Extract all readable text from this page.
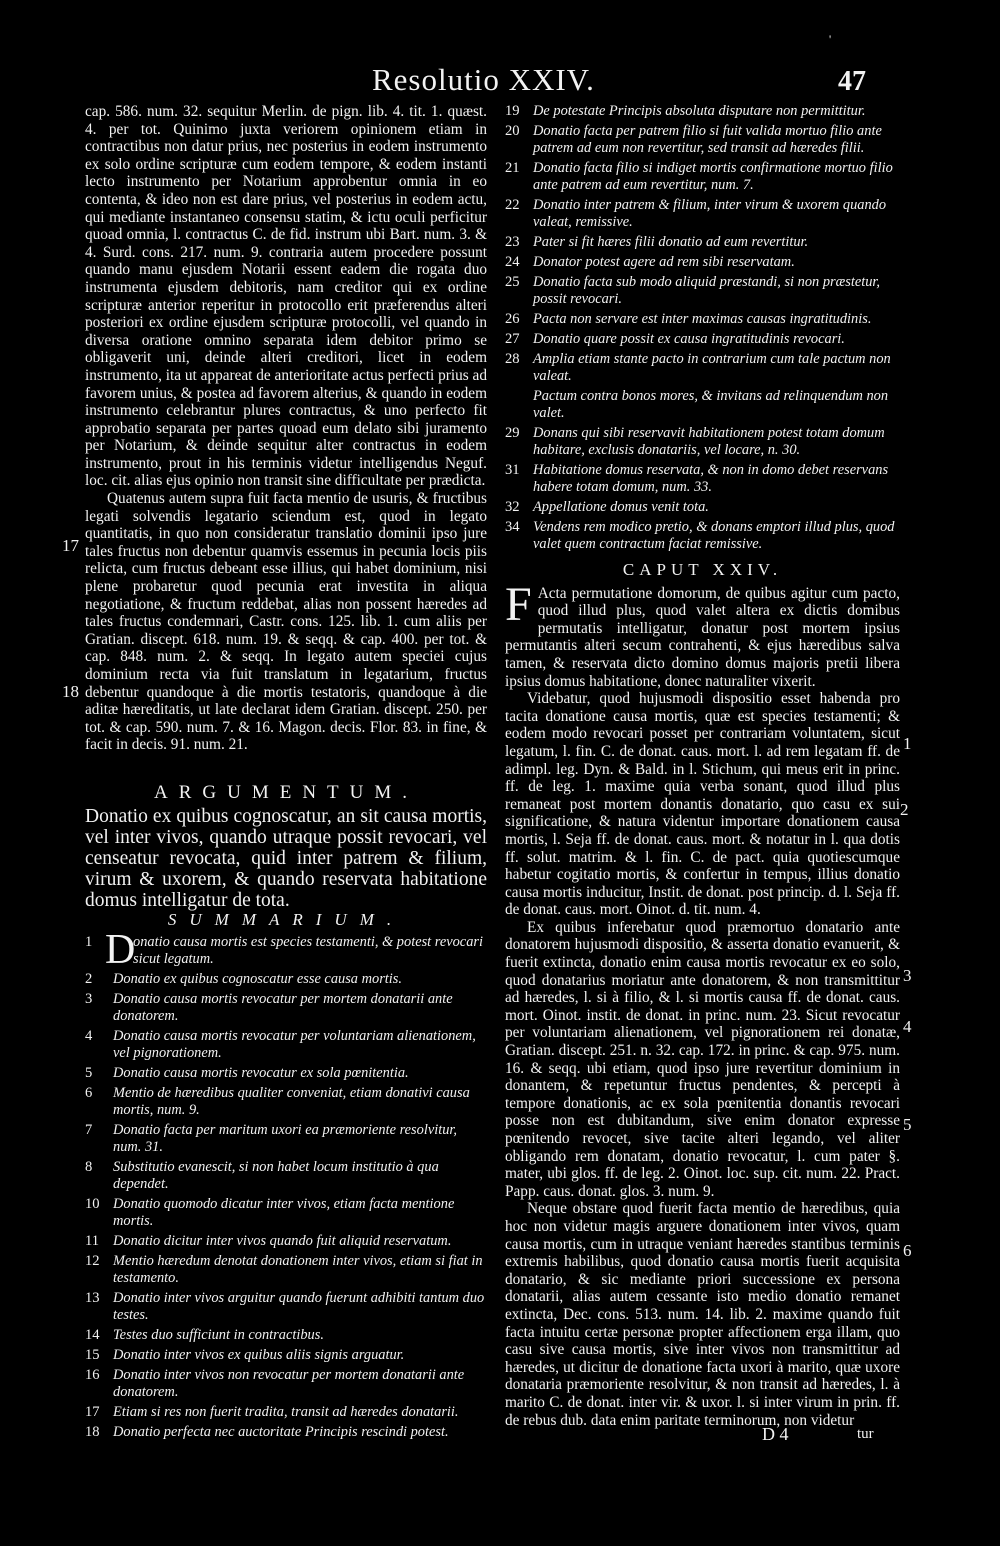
Resolutio XXIV.	47
'

cap. 586. num. 32. sequitur Merlin. de pign. lib. 4. tit. 1. quæst. 4. per tot. Quinimo juxta veriorem opinionem etiam in contractibus non datur prius, nec posterius in eodem instrumento ex solo ordine scripturæ cum eodem tempore, & eodem instanti lecto instrumento per Notarium approbentur omnia in eo contenta, & ideo non est dare prius, vel posterius in eodem actu, qui mediante instantaneo consensu statim, & ictu oculi perficitur quoad omnia, l. contractus C. de fid. instrum ubi Bart. num. 3. & 4. Surd. cons. 217. num. 9. contraria autem procedere possunt quando manu ejusdem Notarii essent eadem die rogata duo instrumenta ejusdem debitoris, nam creditor qui ex ordine scripturæ anterior reperitur in protocollo erit præferendus alteri posteriori ex ordine ejusdem scripturæ protocolli, vel quando in diversa oratione omnino separata idem debitor primo se obligaverit uni, deinde alteri creditori, licet in eodem instrumento, ita ut appareat de anterioritate actus perfecti prius ad favorem unius, & postea ad favorem alterius, & quando in eodem instrumento celebrantur plures contractus, & uno perfecto fit approbatio separata per partes quoad eum delato sibi juramento per Notarium, & deinde sequitur alter contractus in eodem instrumento, prout in his terminis videtur intelligendus Neguf. loc. cit. alias ejus opinio non transit sine difficultate per prædicta.

Quatenus autem supra fuit facta mentio de usuris, & fructibus legati solvendis legatario sciendum est, quod in legato quantitatis, in quo non consideratur translatio dominii ipso jure tales fructus non debentur quamvis essemus in pecunia locis piis relicta, cum fructus debeant esse illius, qui habet dominium, nisi plene probaretur quod pecunia erat investita in aliqua negotiatione, & fructum reddebat, alias non possent hæredes ad tales fructus condemnari, Castr. cons. 125. lib. 1. cum aliis per Gratian. discept. 618. num. 19. & seqq. & cap. 400. per tot. & cap. 848. num. 2. & seqq. In legato autem speciei cujus dominium recta via fuit translatum in legatarium, fructus debentur quandoque à die mortis testatoris, quandoque à die aditæ hæreditatis, ut late declarat idem Gratian. discept. 250. per tot. & cap. 590. num. 7. & 16. Magon. decis. Flor. 83. in fine, & facit in decis. 91. num. 21.

ARGUMENTUM.

Donatio ex quibus cognoscatur, an sit causa mortis, vel inter vivos, quando utraque possit revocari, vel censeatur revocata, quid inter patrem & filium, virum & uxorem, & quando reservata habitatione domus intelligatur de tota.

SUMMARIUM.
1 D
onatio causa mortis est species testamenti, & potest revocari sicut legatum.
2 Donatio ex quibus cognoscatur esse causa mortis.
3 Donatio causa mortis revocatur per mortem donatarii ante donatorem.
4 Donatio causa mortis revocatur per voluntariam alienationem, vel pignorationem.
5 Donatio causa mortis revocatur ex sola pœnitentia.
6 Mentio de hæredibus qualiter conveniat, etiam donativi causa mortis, num. 9.
7 Donatio facta per maritum uxori ea præmoriente resolvitur, num. 31.
8 Substitutio evanescit, si non habet locum institutio à qua dependet.
10 Donatio quomodo dicatur inter vivos, etiam facta mentione mortis.
11 Donatio dicitur inter vivos quando fuit aliquid reservatum.
12 Mentio hæredum denotat donationem inter vivos, etiam si fiat in testamento.
13 Donatio inter vivos arguitur quando fuerunt adhibiti tantum duo testes.
14 Testes duo sufficiunt in contractibus.
15 Donatio inter vivos ex quibus aliis signis arguatur.
16 Donatio inter vivos non revocatur per mortem donatarii ante donatorem.
17 Etiam si res non fuerit tradita, transit ad hæredes donatarii.
18 Donatio perfecta nec auctoritate Principis rescindi potest.
17
18
19 De potestate Principis absoluta disputare non permittitur.
20 Donatio facta per patrem filio si fuit valida mortuo filio ante patrem ad eum non revertitur, sed transit ad hæredes filii.
21 Donatio facta filio si indiget mortis confirmatione mortuo filio ante patrem ad eum revertitur, num. 7.
22 Donatio inter patrem & filium, inter virum & uxorem quando valeat, remissive.
23 Pater si fit hæres filii donatio ad eum revertitur.
24 Donator potest agere ad rem sibi reservatam.
25 Donatio facta sub modo aliquid præstandi, si non præstetur, possit revocari.
26 Pacta non servare est inter maximas causas ingratitudinis.
27 Donatio quare possit ex causa ingratitudinis revocari.
28 Amplia etiam stante pacto in contrarium cum tale pactum non valeat.
Pactum contra bonos mores, & invitans ad relinquendum non valet.
29 Donans qui sibi reservavit habitationem potest totam domum habitare, exclusis donatariis, vel locare, n. 30.
31 Habitatione domus reservata, & non in domo debet reservans habere totam domum, num. 33.
32 Appellatione domus venit tota.
34 Vendens rem modico pretio, & donans emptori illud plus, quod valet quem contractum faciat remissive.
CAPUT XXIV.

F Acta permutatione domorum, de quibus agitur cum pacto, quod illud plus, quod valet altera ex dictis domibus permutatis intelligatur, donatur post mortem ipsius permutantis alteri secum contrahenti, & ejus hæredibus salva tamen, & reservata dicto domino domus majoris pretii libera ipsius domus habitatione, donec naturaliter vixerit.

Videbatur, quod hujusmodi dispositio esset habenda pro tacita donatione causa mortis, quæ est species testamenti; & eodem modo revocari posset per contrariam voluntatem, sicut legatum, l. fin. C. de donat. caus. mort. l. ad rem legatam ff. de adimpl. leg. Dyn. & Bald. in l. Stichum, qui meus erit in princ. ff. de leg. 1. maxime quia verba sonant, quod illud plus remaneat post mortem donantis donatario, quo casu ex sui significatione, & natura videntur importare donationem causa mortis, l. Seja ff. de donat. caus. mort. & notatur in l. qua dotis ff. solut. matrim. & l. fin. C. de pact. quia quotiescumque habetur cogitatio mortis, & confertur in tempus, illius donatio causa mortis inducitur, Instit. de donat. post princip. d. l. Seja ff. de donat. caus. mort. Oinot. d. tit. num. 4.

Ex quibus inferebatur quod præmortuo donatario ante donatorem hujusmodi dispositio, & asserta donatio evanuerit, & fuerit extincta, donatio enim causa mortis revocatur ex eo solo, quod donatarius moriatur ante donatorem, & non transmittitur ad hæredes, l. si à filio, & l. si mortis causa ff. de donat. caus. mort. Oinot. instit. de donat. in princ. num. 23. Sicut revocatur per voluntariam alienationem, vel pignorationem rei donatæ, Gratian. discept. 251. n. 32. cap. 172. in princ. & cap. 975. num. 16. & seqq. ubi etiam, quod ipso jure revertitur dominium in donantem, & repetuntur fructus pendentes, & percepti à tempore donationis, ac ex sola pœnitentia donantis revocari posse non est dubitandum, sive enim donator expresse pœnitendo revocet, sive tacite alteri legando, vel aliter obligando rem donatam, donatio revocatur, l. cum pater §. mater, ubi glos. ff. de leg. 2. Oinot. loc. sup. cit. num. 22. Pract. Papp. caus. donat. glos. 3. num. 9.

Neque obstare quod fuerit facta mentio de hæredibus, quia hoc non videtur magis arguere donationem inter vivos, quam causa mortis, cum in utraque veniant hæredes stantibus terminis extremis habilibus, quod donatio causa mortis fuerit acquisita donatario, & sic mediante priori successione ex persona donatarii, alias autem cessante isto medio donatio remanet extincta, Dec. cons. 513. num. 14. lib. 2. maxime quando fuit facta intuitu certæ personæ propter affectionem erga illam, quo casu sive causa mortis, sive inter vivos non transmittitur ad hæredes, ut dicitur de donatione facta uxori à marito, quæ uxore donataria præmoriente resolvitur, & non transit ad hæredes, l. à marito C. de donat. inter vir. & uxor. l. si inter virum in prin. ff. de rebus dub. data enim paritate terminorum, non videtur

1
2
3
4
5
6
D 4	tur
